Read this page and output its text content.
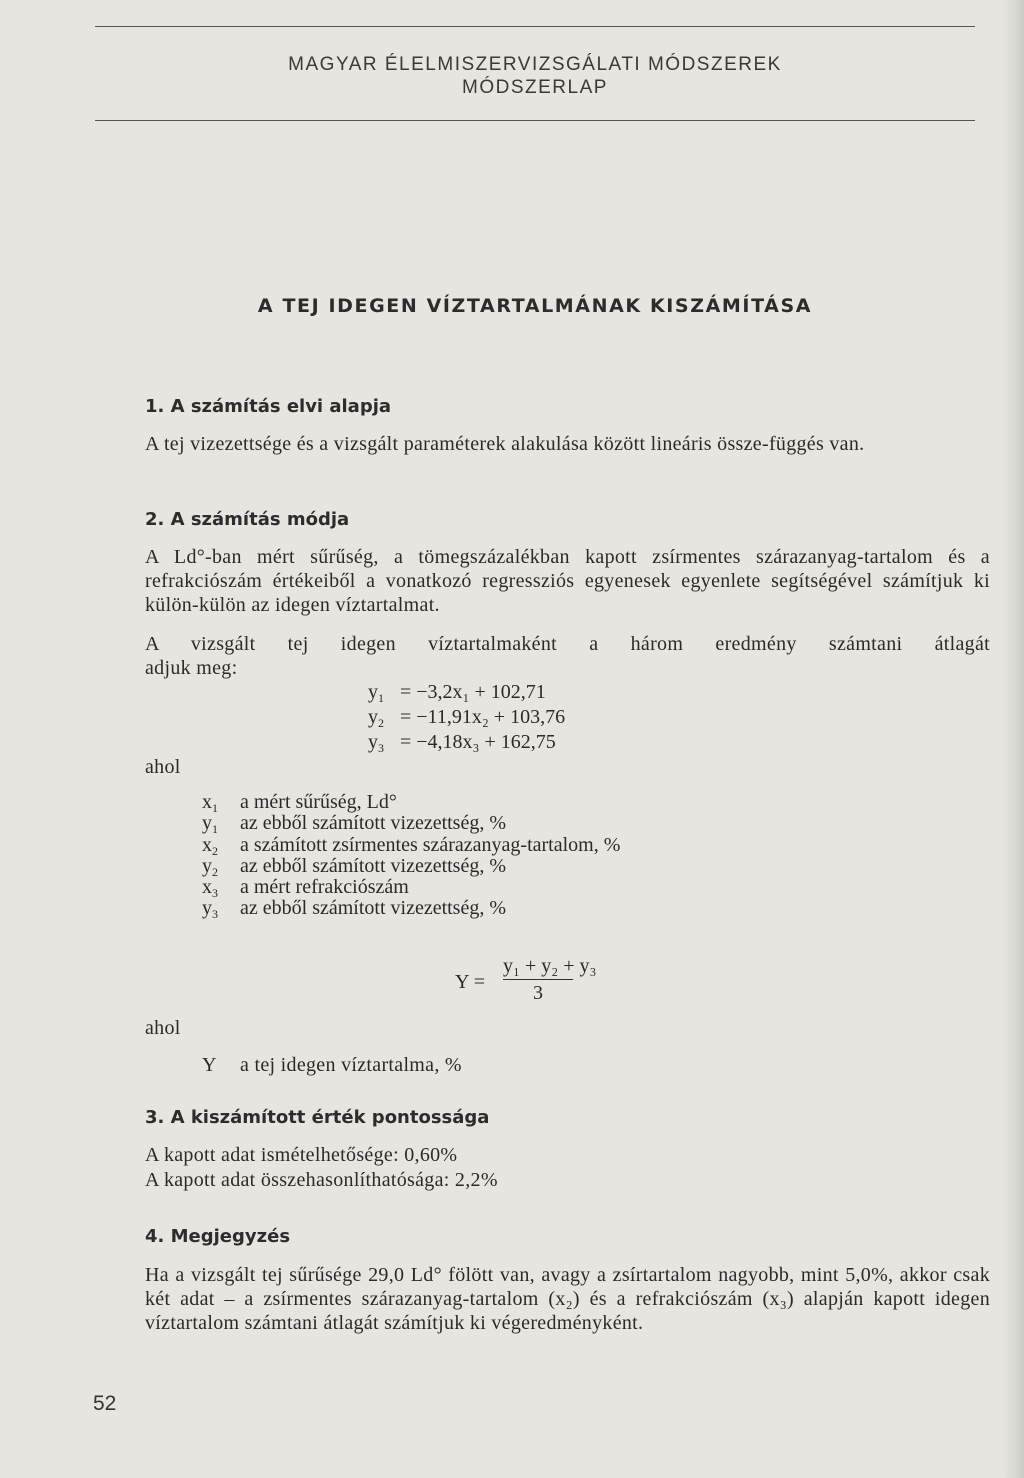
MAGYAR ÉLELMISZERVIZSGÁLATI MÓDSZEREK
MÓDSZERLAP
A TEJ IDEGEN VÍZTARTALMÁNAK KISZÁMÍTÁSA
1. A számítás elvi alapja
A tej vizezettsége és a vizsgált paraméterek alakulása között lineáris össze-függés van.
2. A számítás módja
A Ld°-ban mért sűrűség, a tömegszázalékban kapott zsírmentes szárazanyag-tartalom és a refrakciószám értékeiből a vonatkozó regressziós egyenesek egyenlete segítségével számítjuk ki külön-külön az idegen víztartalmat.
A vizsgált tej idegen víztartalmaként a három eredmény számtani átlagát
adjuk meg:
$y_1 = -3,2x_1 + 102,71$
$y_2 = -11,91x_2 + 103,76$
$y_3 = -4,18x_3 + 162,75$
ahol
$x_1$ a mért sűrűség, Ld°
$y_1$ az ebből számított vizezettség, %
$x_2$ a számított zsírmentes szárazanyag-tartalom, %
$y_2$ az ebből számított vizezettség, %
$x_3$ a mért refrakciószám
$y_3$ az ebből számított vizezettség, %
$Y = \frac{\text{y₁ + y₂ + y₃}}{3}$
ahol
Y a tej idegen víztartalma, %
3. A kiszámított érték pontossága
A kapott adat ismételhetősége: 0,60%
A kapott adat összehasonlíthatósága: 2,2%
4. Megjegyzés
Ha a vizsgált tej sűrűsége 29,0 Ld° fölött van, avagy a zsírtartalom nagyobb, mint 5,0%, akkor csak két adat – a zsírmentes szárazanyag-tartalom (x₂) és a refrakciószám (x₃) alapján kapott idegen víztartalom számtani átlagát számítjuk ki végeredményként.
52
